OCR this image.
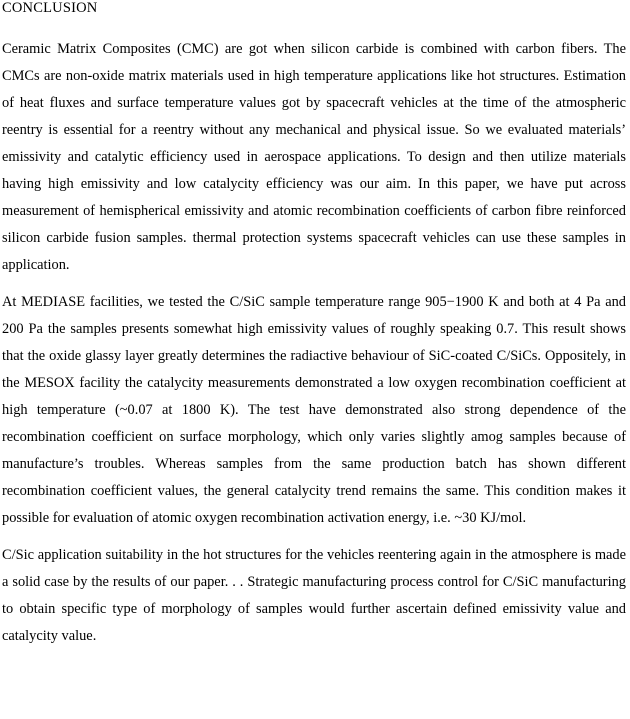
CONCLUSION

Ceramic Matrix Composites (CMC) are got when silicon carbide is combined with carbon fibers. The CMCs are non-oxide matrix materials used in high temperature applications like hot structures. Estimation of heat fluxes and surface temperature values got by spacecraft vehicles at the time of the atmospheric reentry is essential for a reentry without any mechanical and physical issue. So we evaluated materials’ emissivity and catalytic efficiency used in aerospace applications. To design and then utilize materials having high emissivity and low catalycity efficiency was our aim. In this paper, we have put across measurement of hemispherical emissivity and atomic recombination coefficients of carbon fibre reinforced silicon carbide fusion samples. thermal protection systems spacecraft vehicles can use these samples in application.

At MEDIASE facilities, we tested the C/SiC sample temperature range 905−1900 K and both at 4 Pa and 200 Pa the samples presents somewhat high emissivity values of roughly speaking 0.7. This result shows that the oxide glassy layer greatly determines the radiactive behaviour of SiC-coated C/SiCs. Oppositely, in the MESOX facility the catalycity measurements demonstrated a low oxygen recombination coefficient at high temperature (~0.07 at 1800 K). The test have demonstrated also strong dependence of the recombination coefficient on surface morphology, which only varies slightly amog samples because of manufacture’s troubles. Whereas samples from the same production batch has shown different recombination coefficient values, the general catalycity trend remains the same. This condition makes it possible for evaluation of atomic oxygen recombination activation energy, i.e. ~30 KJ/mol.

C/Sic application suitability in the hot structures for the vehicles reentering again in the atmosphere is made a solid case by the results of our paper. . . Strategic manufacturing process control for C/SiC manufacturing to obtain specific type of morphology of samples would further ascertain defined emissivity value and catalycity value.
